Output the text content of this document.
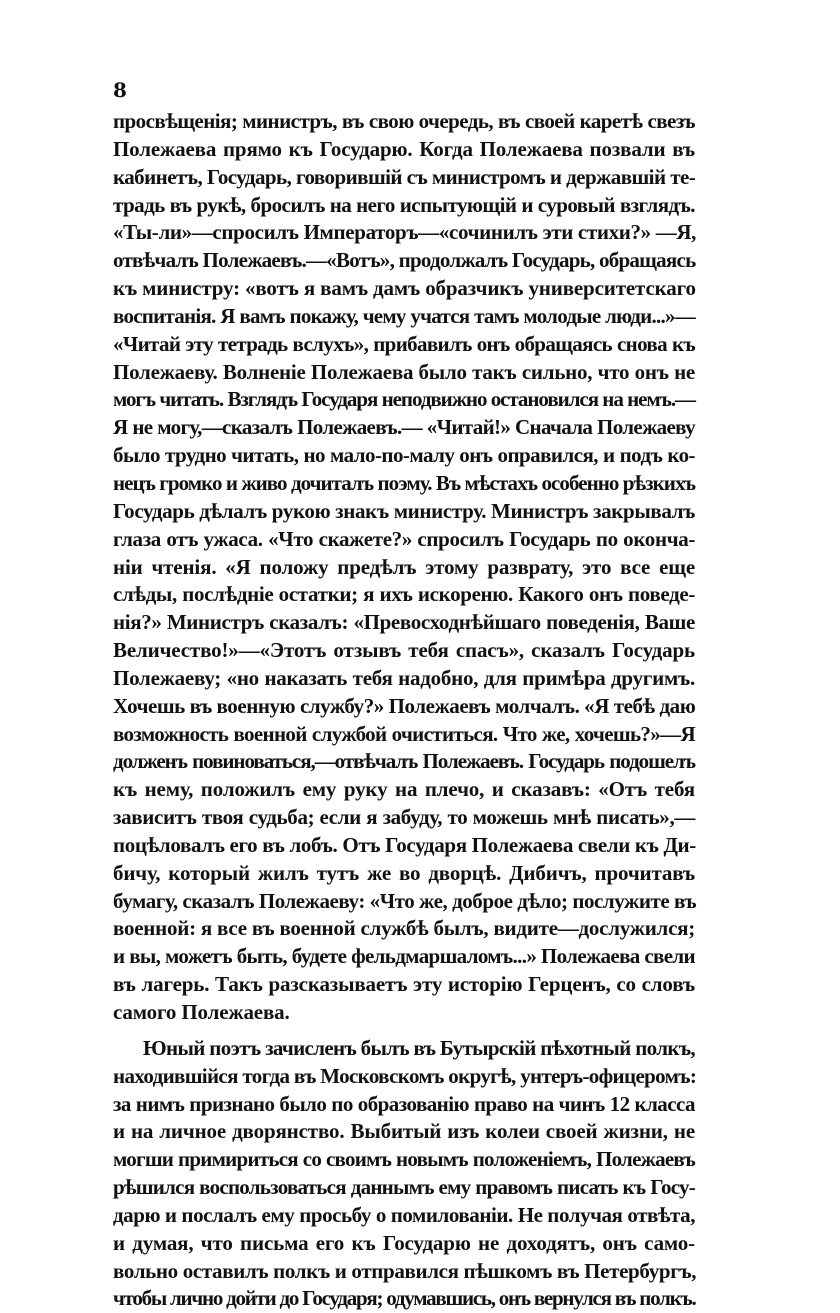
8
просвѣщенія; министръ, въ свою очередь, въ своей каретѣ свезъ
Полежаева прямо къ Государю. Когда Полежаева позвали въ
кабинетъ, Государь, говорившій съ министромъ и державшій те-
традь въ рукѣ, бросилъ на него испытующій и суровый взглядъ.
«Ты-ли»—спросилъ Императоръ—«сочинилъ эти стихи?» —Я,
отвѣчалъ Полежаевъ.—«Вотъ», продолжалъ Государь, обращаясь
къ министру: «вотъ я вамъ дамъ образчикъ университетскаго
воспитанія. Я вамъ покажу, чему учатся тамъ молодые люди...»—
«Читай эту тетрадь вслухъ», прибавилъ онъ обращаясь снова къ
Полежаеву. Волненіе Полежаева было такъ сильно, что онъ не
могъ читать. Взглядъ Государя неподвижно остановился на немъ.—
Я не могу,—сказалъ Полежаевъ.— «Читай!» Сначала Полежаеву
было трудно читать, но мало-по-малу онъ оправился, и подъ ко-
нецъ громко и живо дочиталъ поэму. Въ мѣстахъ особенно рѣзкихъ
Государь дѣлалъ рукою знакъ министру. Министръ закрывалъ
глаза отъ ужаса. «Что скажете?» спросилъ Государь по оконча-
ніи чтенія. «Я положу предѣлъ этому разврату, это все еще
слѣды, послѣдніе остатки; я ихъ искореню. Какого онъ поведе-
нія?» Министръ сказалъ: «Превосходнѣйшаго поведенія, Ваше
Величество!»—«Этотъ отзывъ тебя спасъ», сказалъ Государь
Полежаеву; «но наказать тебя надобно, для примѣра другимъ.
Хочешь въ военную службу?» Полежаевъ молчалъ. «Я тебѣ даю
возможность военной службой очиститься. Что же, хочешь?»—Я
долженъ повиноваться,—отвѣчалъ Полежаевъ. Государь подошелъ
къ нему, положилъ ему руку на плечо, и сказавъ: «Отъ тебя
зависитъ твоя судьба; если я забуду, то можешь мнѣ писать»,—
поцѣловалъ его въ лобъ. Отъ Государя Полежаева свели къ Ди-
бичу, который жилъ тутъ же во дворцѣ. Дибичъ, прочитавъ
бумагу, сказалъ Полежаеву: «Что же, доброе дѣло; послужите въ
военной: я все въ военной службѣ былъ, видите—дослужился;
и вы, можетъ быть, будете фельдмаршаломъ...» Полежаева свели
въ лагерь. Такъ разсказываетъ эту исторію Герценъ, со словъ
самого Полежаева.
Юный поэтъ зачисленъ былъ въ Бутырскій пѣхотный полкъ,
находившійся тогда въ Московскомъ округѣ, унтеръ-офицеромъ:
за нимъ признано было по образованію право на чинъ 12 класса
и на личное дворянство. Выбитый изъ колеи своей жизни, не
могши примириться со своимъ новымъ положеніемъ, Полежаевъ
рѣшился воспользоваться даннымъ ему правомъ писать къ Госу-
дарю и послалъ ему просьбу о помилованіи. Не получая отвѣта,
и думая, что письма его къ Государю не доходятъ, онъ само-
вольно оставилъ полкъ и отправился пѣшкомъ въ Петербургъ,
чтобы лично дойти до Государя; одумавшись, онъ вернулся въ полкъ.
